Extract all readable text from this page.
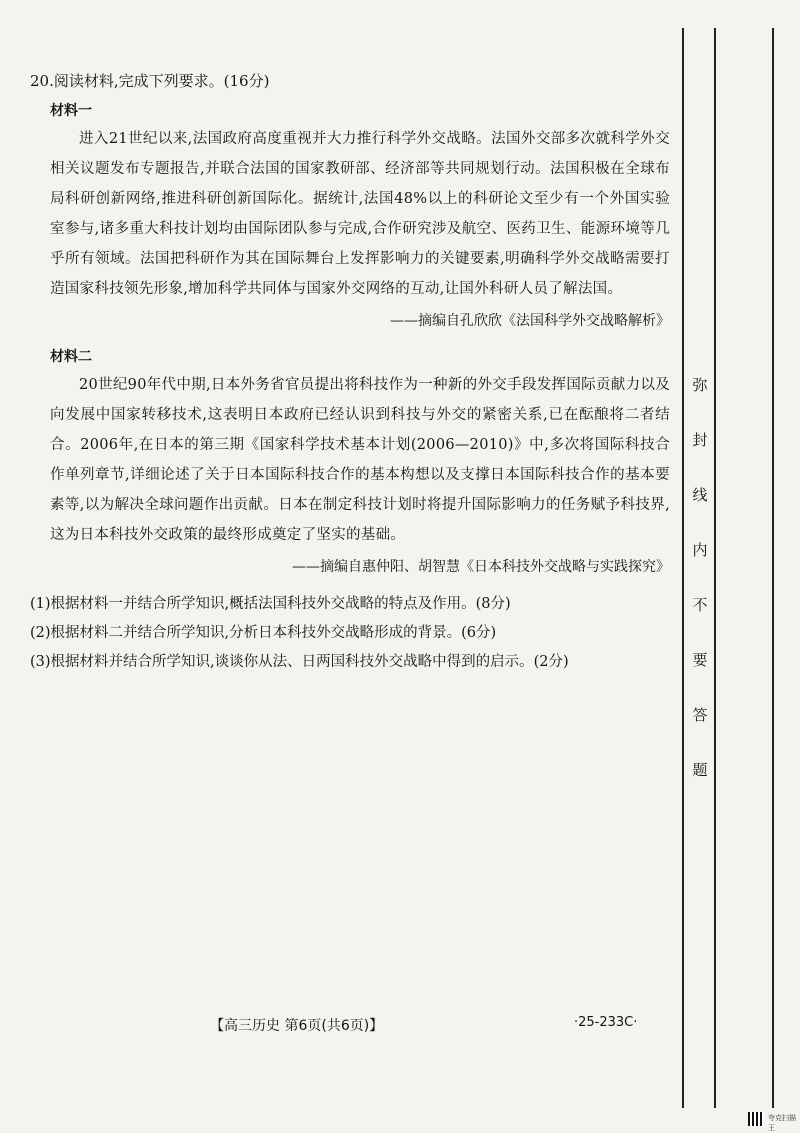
20.阅读材料,完成下列要求。(16分)

材料一

进入21世纪以来,法国政府高度重视并大力推行科学外交战略。法国外交部多次就科学外交相关议题发布专题报告,并联合法国的国家教研部、经济部等共同规划行动。法国积极在全球布局科研创新网络,推进科研创新国际化。据统计,法国48%以上的科研论文至少有一个外国实验室参与,诸多重大科技计划均由国际团队参与完成,合作研究涉及航空、医药卫生、能源环境等几乎所有领域。法国把科研作为其在国际舞台上发挥影响力的关键要素,明确科学外交战略需要打造国家科技领先形象,增加科学共同体与国家外交网络的互动,让国外科研人员了解法国。

——摘编自孔欣欣《法国科学外交战略解析》

材料二

20世纪90年代中期,日本外务省官员提出将科技作为一种新的外交手段发挥国际贡献力以及向发展中国家转移技术,这表明日本政府已经认识到科技与外交的紧密关系,已在酝酿将二者结合。2006年,在日本的第三期《国家科学技术基本计划(2006—2010)》中,多次将国际科技合作单列章节,详细论述了关于日本国际科技合作的基本构想以及支撑日本国际科技合作的基本要素等,以为解决全球问题作出贡献。日本在制定科技计划时将提升国际影响力的任务赋予科技界,这为日本科技外交政策的最终形成奠定了坚实的基础。

——摘编自惠仲阳、胡智慧《日本科技外交战略与实践探究》

(1)根据材料一并结合所学知识,概括法国科技外交战略的特点及作用。(8分)

(2)根据材料二并结合所学知识,分析日本科技外交战略形成的背景。(6分)

(3)根据材料并结合所学知识,谈谈你从法、日两国科技外交战略中得到的启示。(2分)

弥
封
线
内
不
要
答
题
【高三历史 第6页(共6页)】	·25-233C·
夸克扫描王
